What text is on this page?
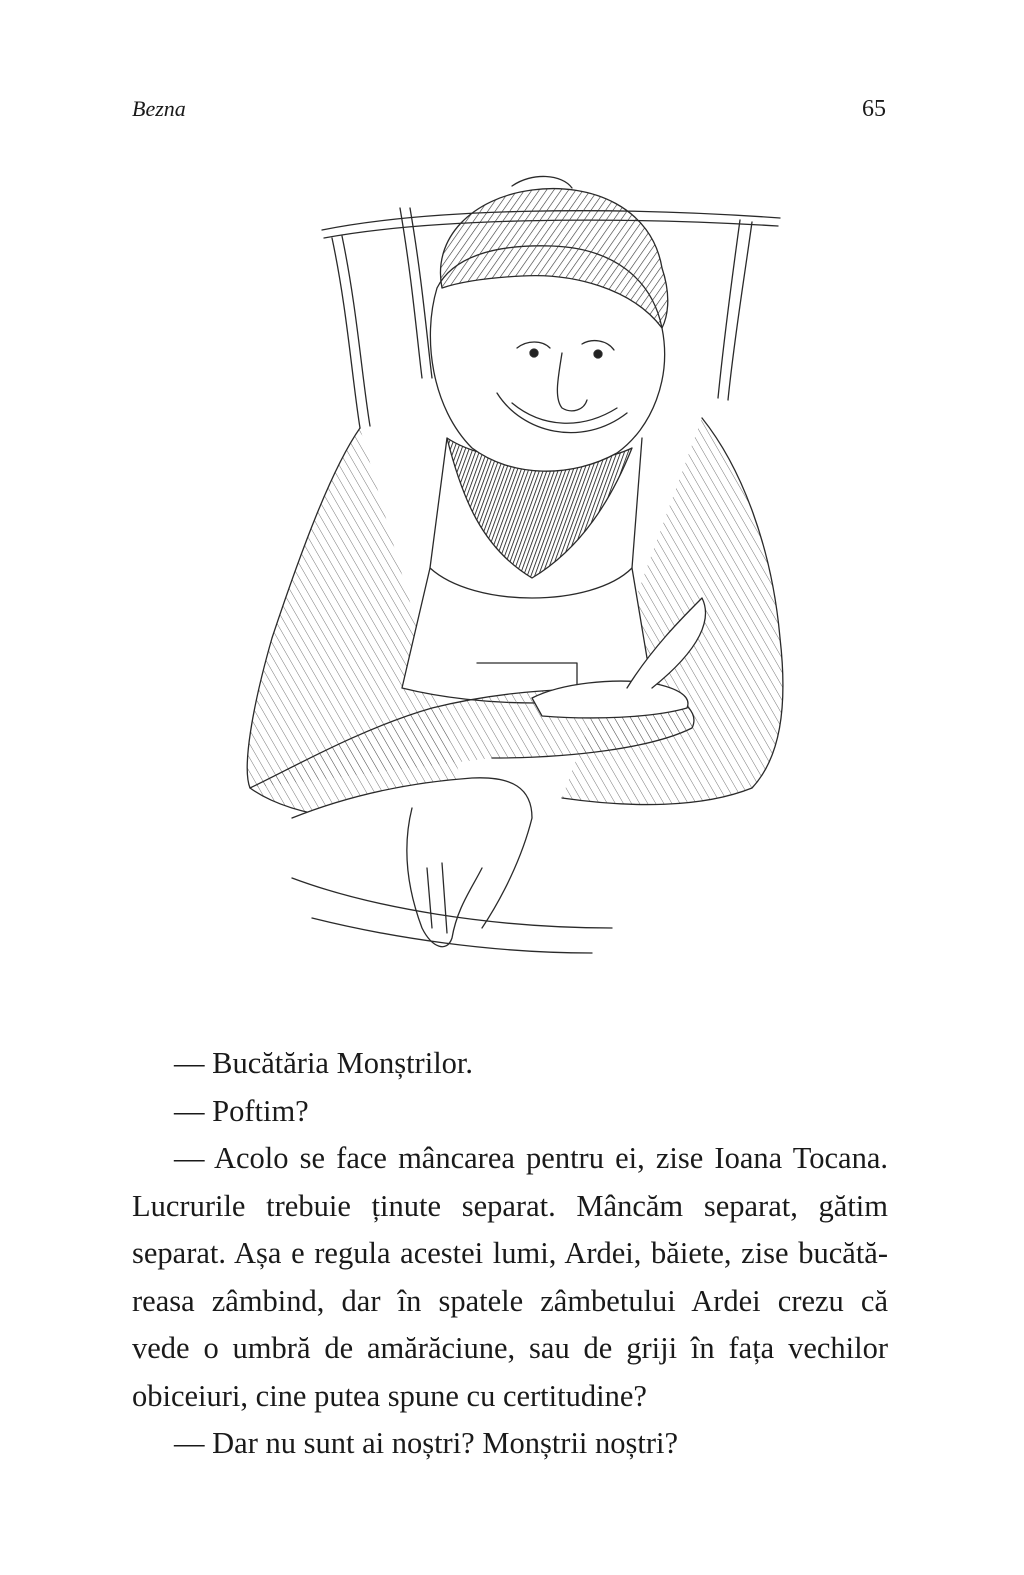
Bezna	65

— Bucătăria Monștrilor.

— Poftim?

— Acolo se face mâncarea pentru ei, zise Ioana Tocana.

Lucrurile trebuie ținute separat. Mâncăm separat, gătim

separat. Așa e regula acestei lumi, Ardei, băiete, zise bucătă-

reasa zâmbind, dar în spatele zâmbetului Ardei crezu că

vede o umbră de amărăciune, sau de griji în fața vechilor

obiceiuri, cine putea spune cu certitudine?

— Dar nu sunt ai noștri? Monștrii noștri?
